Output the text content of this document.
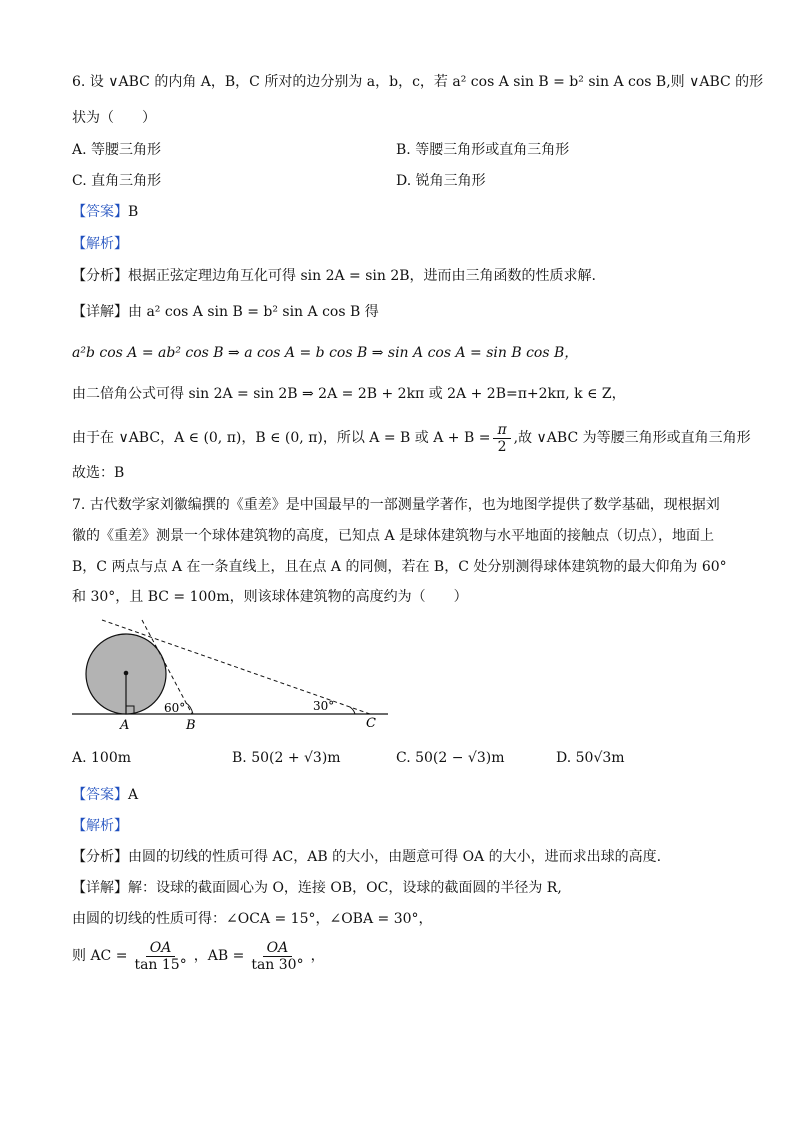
6. 设 ∨ABC 的内角 A，B，C 所对的边分别为 a，b，c，若 a² cos A sin B = b² sin A cos B,则 ∨ABC 的形
状为（　　）
A. 等腰三角形	B. 等腰三角形或直角三角形
C. 直角三角形	D. 锐角三角形
【答案】B
【解析】
【分析】根据正弦定理边角互化可得 sin 2A = sin 2B，进而由三角函数的性质求解.
【详解】由 a² cos A sin B = b² sin A cos B 得
a²b cos A = ab² cos B ⇒ a cos A = b cos B ⇒ sin A cos A = sin B cos B，
由二倍角公式可得 sin 2A = sin 2B ⇒ 2A = 2B + 2kπ 或 2A + 2B=π+2kπ, k ∈ Z，
由于在 ∨ABC，A ∈ (0, π)，B ∈ (0, π)，所以 A = B 或 $A + B = \frac{\pi}{2}$ ,故 ∨ABC 为等腰三角形或直角三角形
故选：B
7. 古代数学家刘徽编撰的《重差》是中国最早的一部测量学著作，也为地图学提供了数学基础，现根据刘
徽的《重差》测景一个球体建筑物的高度，已知点 A 是球体建筑物与水平地面的接触点（切点），地面上
B，C 两点与点 A 在一条直线上，且在点 A 的同侧，若在 B，C 处分别测得球体建筑物的最大仰角为 60°
和 30°，且 BC = 100m，则该球体建筑物的高度约为（　　）
A	B	C
60°	30°
A. 100m	B. 50(2 + √3)m	C. 50(2 − √3)m	D. 50√3m
【答案】A
【解析】
【分析】由圆的切线的性质可得 AC，AB 的大小，由题意可得 OA 的大小，进而求出球的高度.
【详解】解：设球的截面圆心为 O，连接 OB，OC，设球的截面圆的半径为 R,
由圆的切线的性质可得：∠OCA = 15°，∠OBA = 30°，
则 AC = $\frac{OA}{\tan 15^\circ}$ ，AB = $\frac{OA}{\tan 30^\circ}$ ，
